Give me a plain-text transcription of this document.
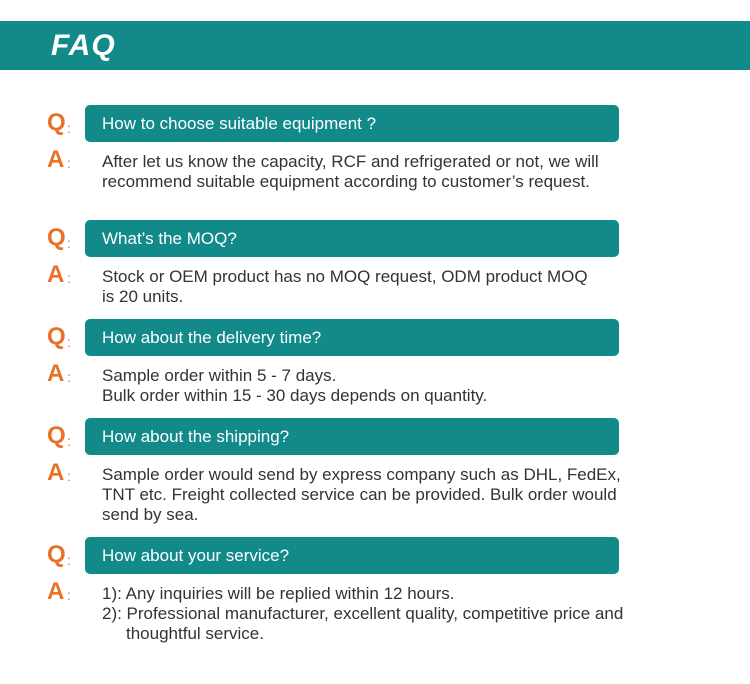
FAQ
Q : How to choose suitable equipment ?
A : After let us know the capacity, RCF and refrigerated or not, we will
recommend suitable equipment according to customer’s request.
Q : What’s the MOQ?
A : Stock or OEM product has no MOQ request, ODM product MOQ
is 20 units.
Q : How about the delivery time?
A : Sample order within 5 - 7 days.
Bulk order within 15 - 30 days depends on quantity.
Q : How about the shipping?
A : Sample order would send by express company such as DHL, FedEx,
TNT etc. Freight collected service can be provided. Bulk order would
send by sea.
Q : How about your service?
A : 1): Any inquiries will be replied within 12 hours.
2): Professional manufacturer, excellent quality, competitive price and thoughtful service.
